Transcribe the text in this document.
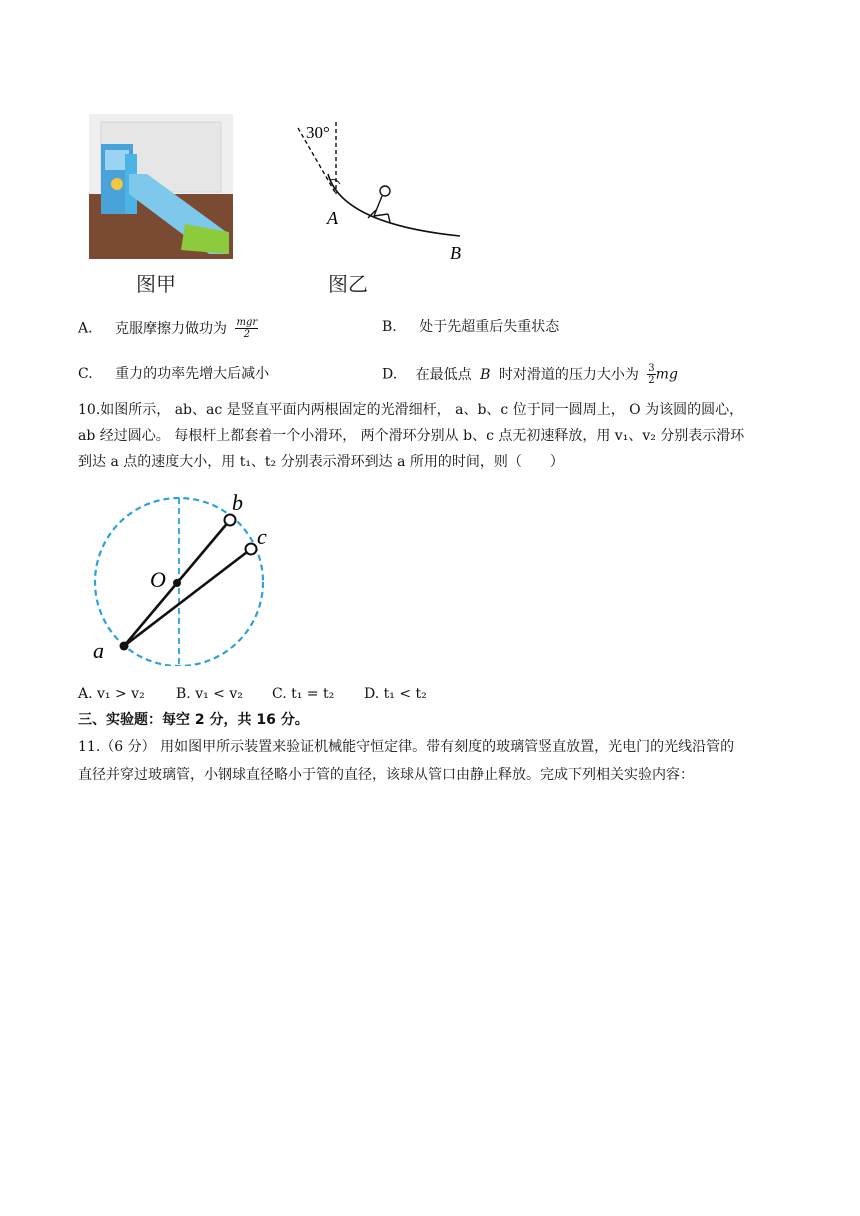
图甲
30°
A
B
图乙
A. 克服摩擦力做功为 $\frac{\text{mgr}}{2}$	B. 处于先超重后失重状态
C. 重力的功率先增大后减小	D. 在最低点 B 时对滑道的压力大小为 $\frac{3}{2}$ mg
10.如图所示， ab、ac 是竖直平面内两根固定的光滑细杆， a、b、c 位于同一圆周上， O 为该圆的圆心，
ab 经过圆心。 每根杆上都套着一个小滑环， 两个滑环分别从 b、c 点无初速释放，用 v₁、v₂ 分别表示滑环
到达 a 点的速度大小，用 t₁、t₂ 分别表示滑环到达 a 所用的时间，则（　　）
b
c
O
a
A. v₁ > v₂ B. v₁ < v₂ C. t₁ = t₂ D. t₁ < t₂
三、实验题：每空 2 分，共 16 分。
11.（6 分） 用如图甲所示装置来验证机械能守恒定律。带有刻度的玻璃管竖直放置，光电门的光线沿管的
直径并穿过玻璃管，小钢球直径略小于管的直径，该球从管口由静止释放。完成下列相关实验内容：
